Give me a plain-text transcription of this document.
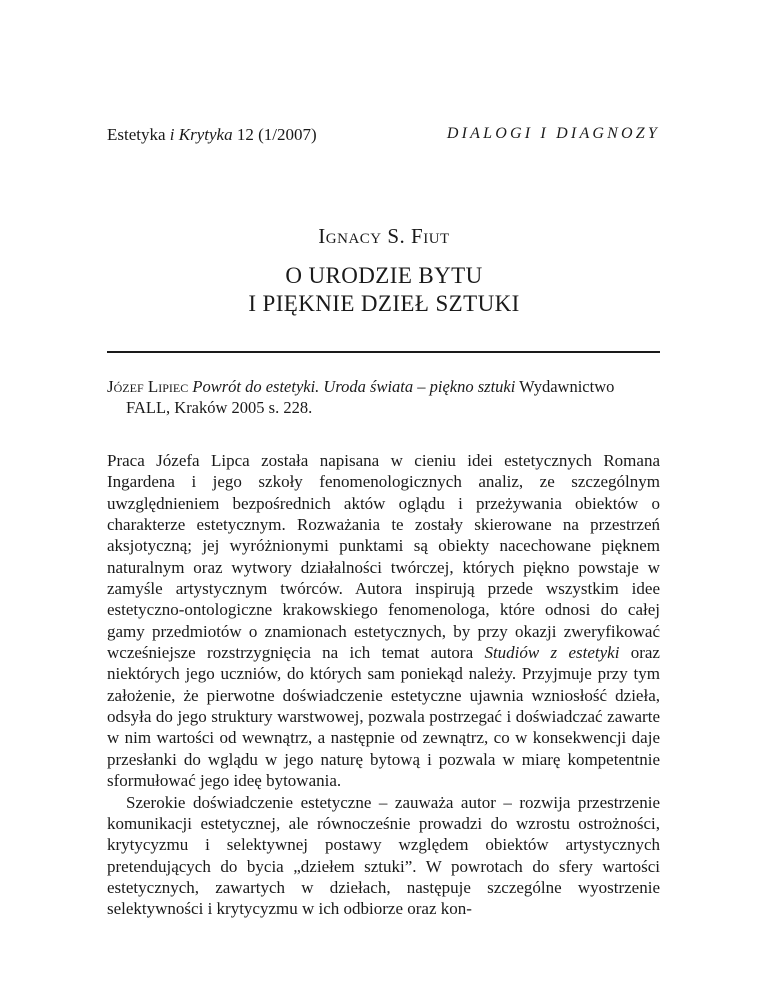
Estetyka i Krytyka 12 (1/2007)	DIALOGI I DIAGNOZY
Ignacy S. Fiut
O URODZIE BYTU
I PIĘKNIE DZIEŁ SZTUKI
Józef Lipiec Powrót do estetyki. Uroda świata – piękno sztuki Wydawnictwo
FALL, Kraków 2005 s. 228.

Praca Józefa Lipca została napisana w cieniu idei estetycznych Romana Ingardena i jego szkoły fenomenologicznych analiz, ze szczególnym uwzględnieniem bezpośrednich aktów oglądu i przeżywania obiektów o charakterze estetycznym. Rozważania te zostały skierowane na przestrzeń aksjotyczną; jej wyróżnionymi punktami są obiekty nacechowane pięknem naturalnym oraz wytwory działalności twórczej, których piękno powstaje w zamyśle artystycznym twórców. Autora inspirują przede wszystkim idee estetyczno-ontologiczne krakowskiego fenomenologa, które odnosi do całej gamy przedmiotów o znamionach estetycznych, by przy okazji zweryfikować wcześniejsze rozstrzygnięcia na ich temat autora Studiów z estetyki oraz niektórych jego uczniów, do których sam poniekąd należy. Przyjmuje przy tym założenie, że pierwotne doświadczenie estetyczne ujawnia wzniosłość dzieła, odsyła do jego struktury warstwowej, pozwala postrzegać i doświadczać zawarte w nim wartości od wewnątrz, a następnie od zewnątrz, co w konsekwencji daje przesłanki do wglądu w jego naturę bytową i pozwala w miarę kompetentnie sformułować jego ideę bytowania.

Szerokie doświadczenie estetyczne – zauważa autor – rozwija przestrzenie komunikacji estetycznej, ale równocześnie prowadzi do wzrostu ostrożności, krytycyzmu i selektywnej postawy względem obiektów artystycznych pretendujących do bycia „dziełem sztuki”. W powrotach do sfery wartości estetycznych, zawartych w dziełach, następuje szczególne wyostrzenie selektywności i krytycyzmu w ich odbiorze oraz kon-
